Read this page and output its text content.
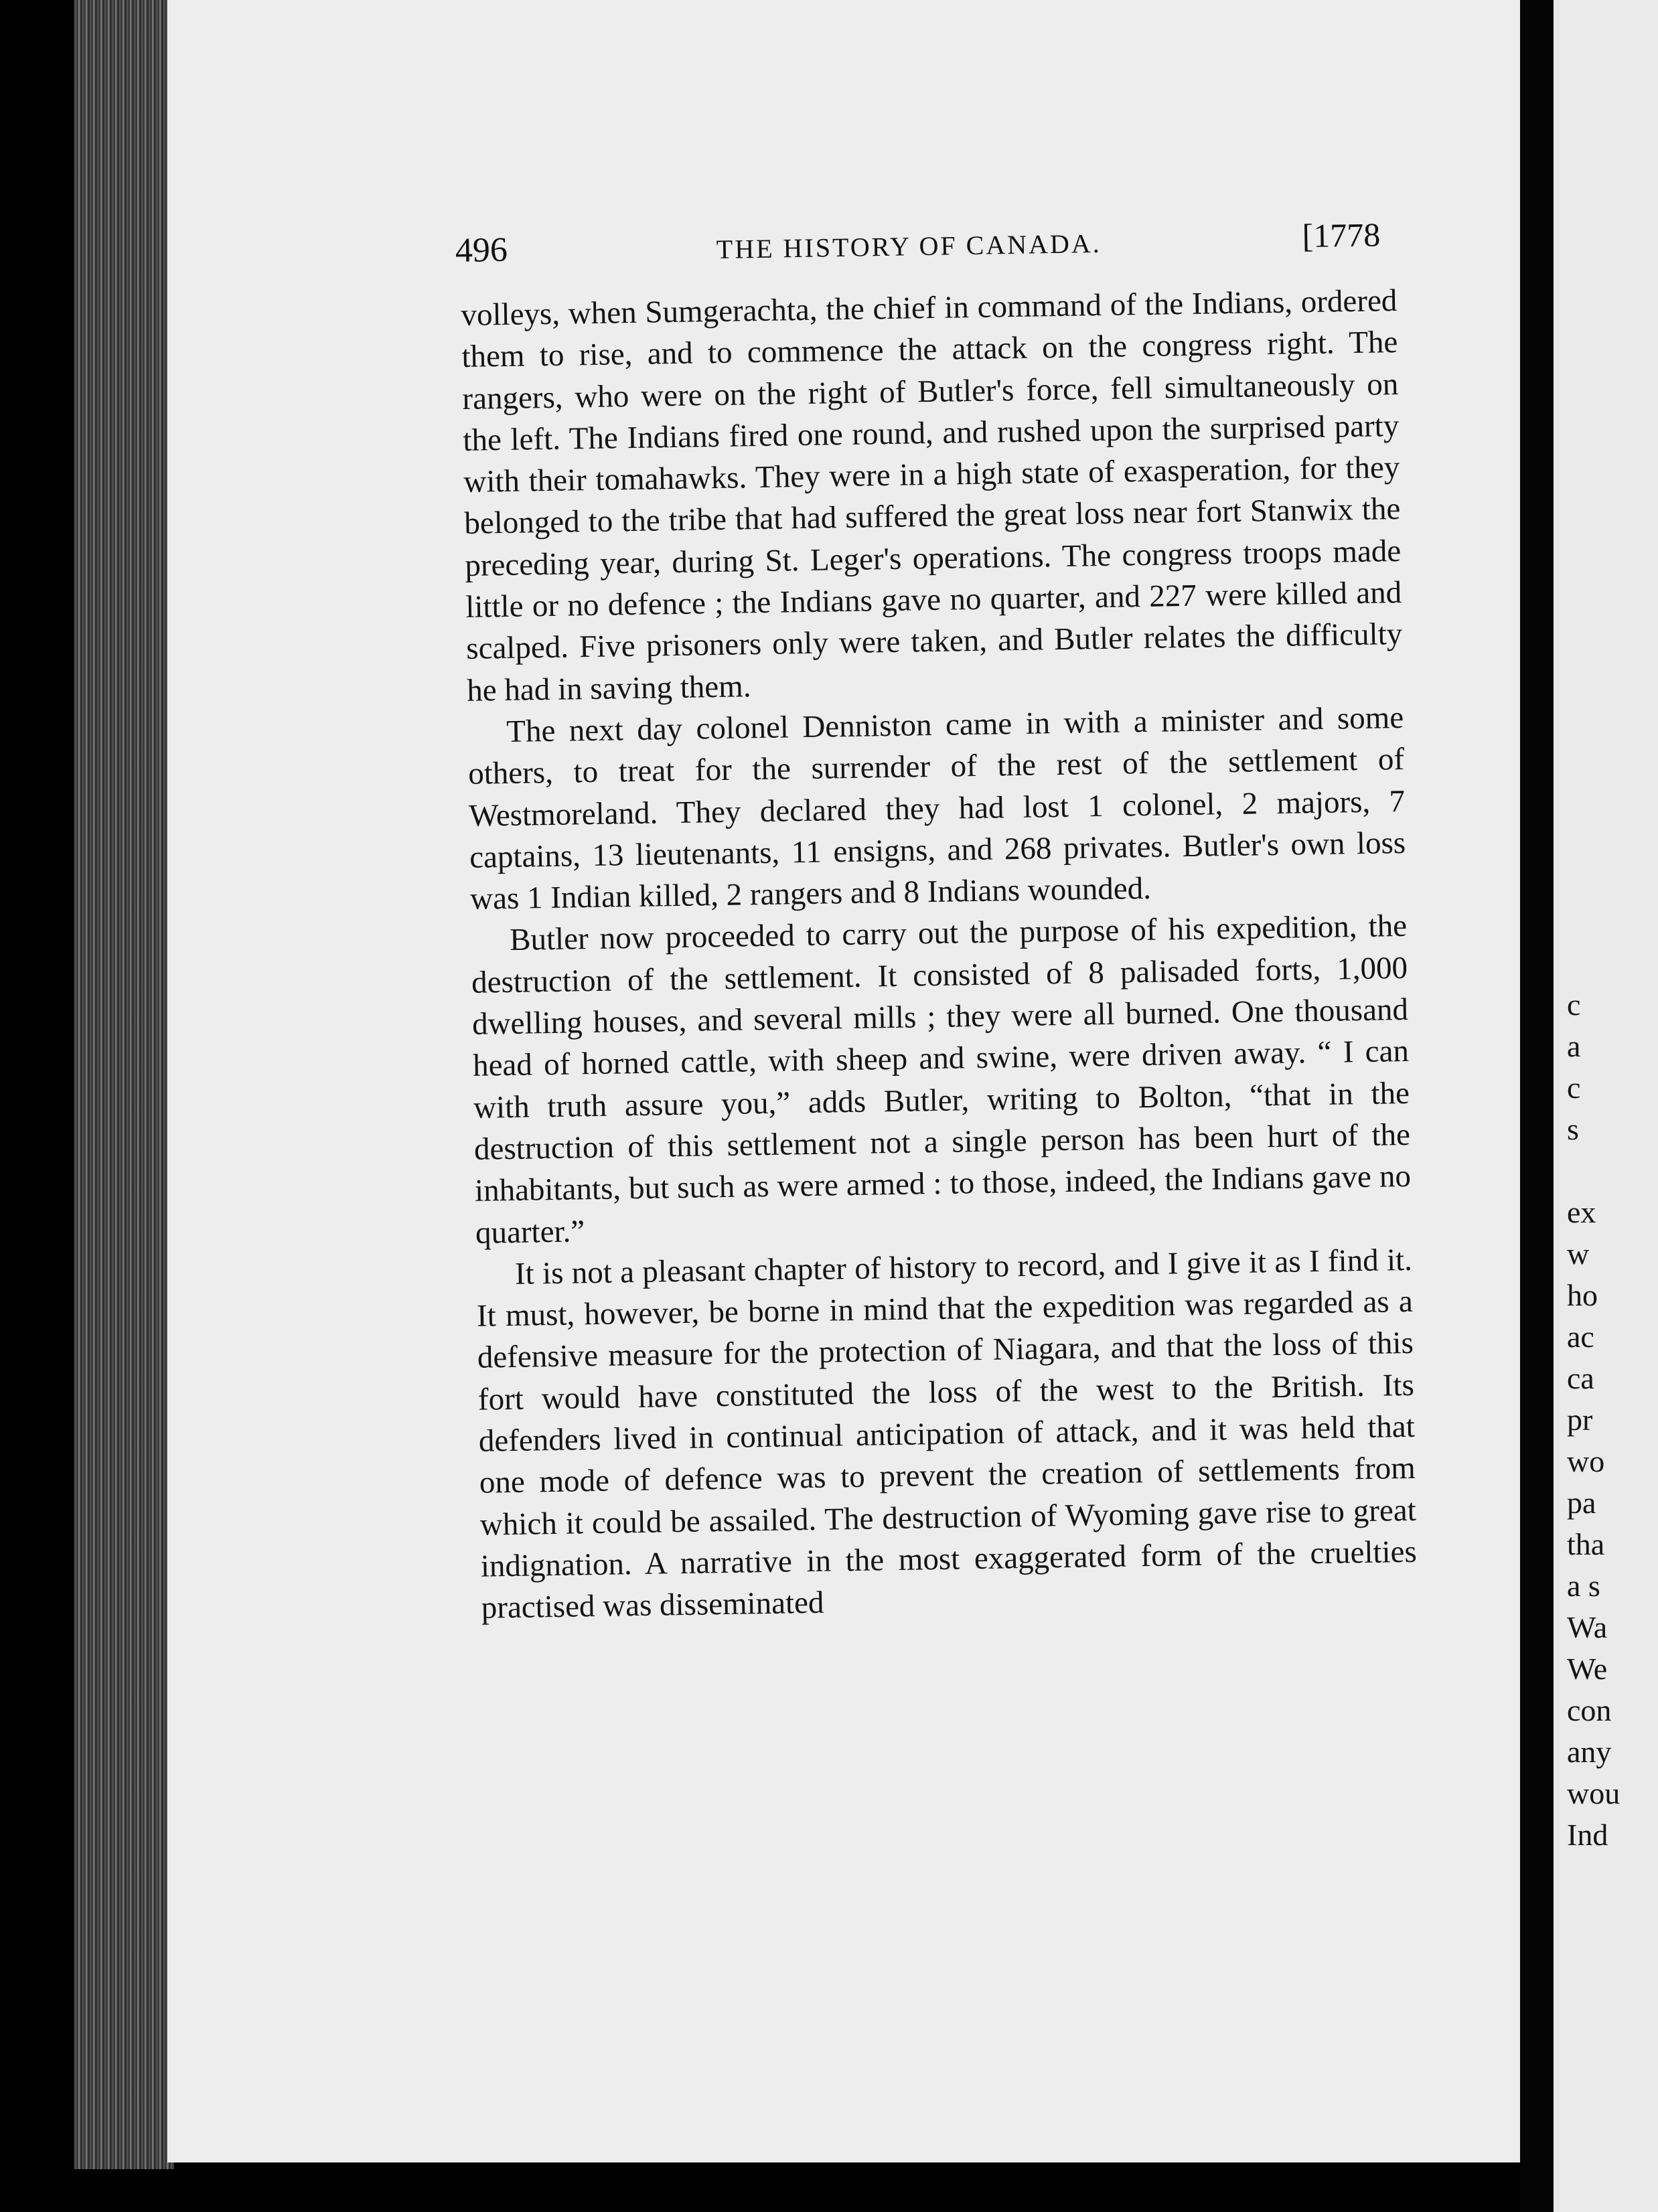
496	THE HISTORY OF CANADA.	[1778

volleys, when Sumgerachta, the chief in command of the Indians, ordered them to rise, and to commence the attack on the congress right. The rangers, who were on the right of Butler's force, fell simultaneously on the left. The Indians fired one round, and rushed upon the surprised party with their tomahawks. They were in a high state of exasperation, for they belonged to the tribe that had suffered the great loss near fort Stanwix the preceding year, during St. Leger's operations. The congress troops made little or no defence ; the Indians gave no quarter, and 227 were killed and scalped. Five prisoners only were taken, and Butler relates the difficulty he had in saving them.

The next day colonel Denniston came in with a minister and some others, to treat for the surrender of the rest of the settlement of Westmoreland. They declared they had lost 1 colonel, 2 majors, 7 captains, 13 lieutenants, 11 ensigns, and 268 privates. Butler's own loss was 1 Indian killed, 2 rangers and 8 Indians wounded.

Butler now proceeded to carry out the purpose of his expedition, the destruction of the settlement. It consisted of 8 palisaded forts, 1,000 dwelling houses, and several mills ; they were all burned. One thousand head of horned cattle, with sheep and swine, were driven away. “ I can with truth assure you,” adds Butler, writing to Bolton, “that in the destruction of this settlement not a single person has been hurt of the inhabitants, but such as were armed : to those, indeed, the Indians gave no quarter.”

It is not a pleasant chapter of history to record, and I give it as I find it. It must, however, be borne in mind that the expedition was regarded as a defensive measure for the protection of Niagara, and that the loss of this fort would have constituted the loss of the west to the British. Its defenders lived in continual anticipation of attack, and it was held that one mode of defence was to prevent the creation of settlements from which it could be assailed. The destruction of Wyoming gave rise to great indignation. A narrative in the most exaggerated form of the cruelties practised was disseminated

c
a
c
s
ex
w
ho
ac
ca
pr
wo
pa
tha
a s
Wa
We
con
any
wou
Ind
